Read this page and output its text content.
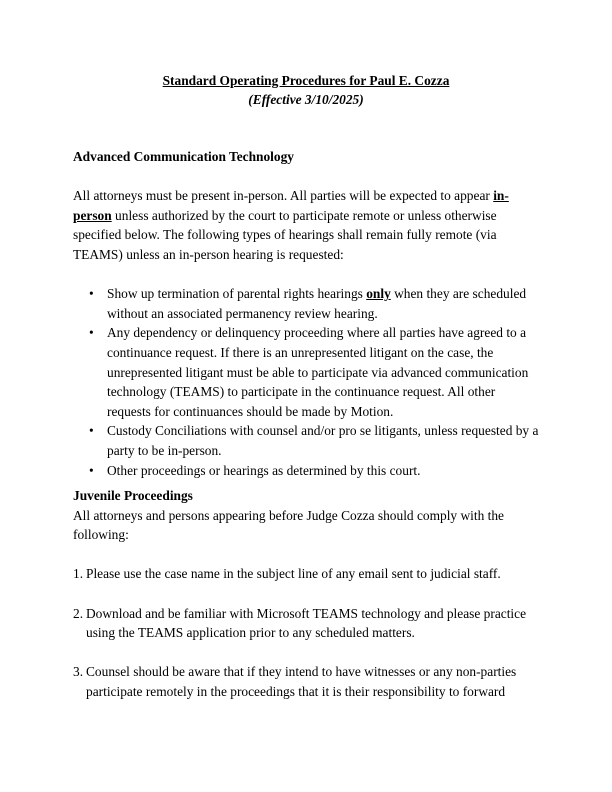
Standard Operating Procedures for Paul E. Cozza
(Effective 3/10/2025)

Advanced Communication Technology

All attorneys must be present in-person. All parties will be expected to appear in-person unless authorized by the court to participate remote or unless otherwise specified below. The following types of hearings shall remain fully remote (via TEAMS) unless an in-person hearing is requested:

• Show up termination of parental rights hearings only when they are scheduled without an associated permanency review hearing.
• Any dependency or delinquency proceeding where all parties have agreed to a continuance request. If there is an unrepresented litigant on the case, the unrepresented litigant must be able to participate via advanced communication technology (TEAMS) to participate in the continuance request. All other requests for continuances should be made by Motion.
• Custody Conciliations with counsel and/or pro se litigants, unless requested by a party to be in-person.
• Other proceedings or hearings as determined by this court.

Juvenile Proceedings

All attorneys and persons appearing before Judge Cozza should comply with the following:

1. Please use the case name in the subject line of any email sent to judicial staff.
2. Download and be familiar with Microsoft TEAMS technology and please practice using the TEAMS application prior to any scheduled matters.
3. Counsel should be aware that if they intend to have witnesses or any non-parties participate remotely in the proceedings that it is their responsibility to forward
